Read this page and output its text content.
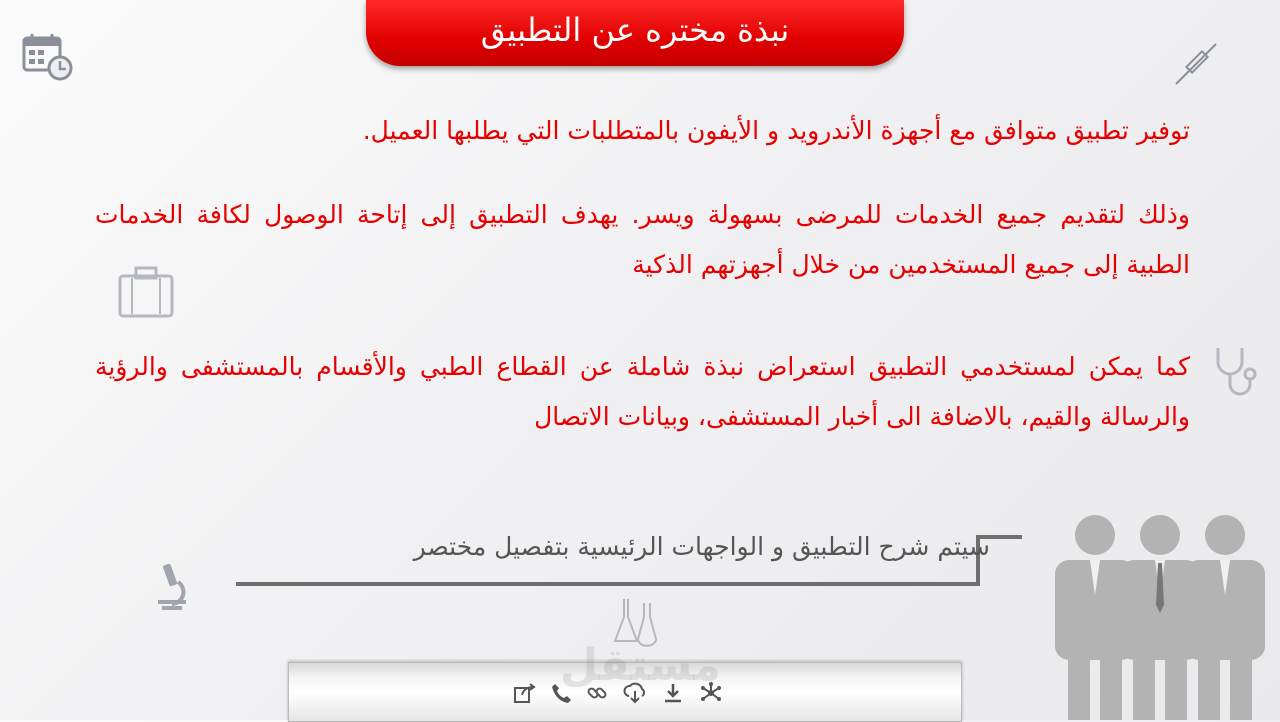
نبذة مختره عن التطبيق
توفير تطبيق متوافق مع أجهزة الأندرويد و الأيفون بالمتطلبات التي يطلبها العميل.
وذلك لتقديم جميع الخدمات للمرضى بسهولة ويسر. يهدف التطبيق إلى إتاحة الوصول لكافة الخدمات الطبية إلى جميع المستخدمين من خلال أجهزتهم الذكية
كما يمكن لمستخدمي التطبيق استعراض نبذة شاملة عن القطاع الطبي والأقسام بالمستشفى والرؤية والرسالة والقيم، بالاضافة الى أخبار المستشفى، وبيانات الاتصال
سيتم شرح التطبيق و الواجهات الرئيسية بتفصيل مختصر
مستقل
